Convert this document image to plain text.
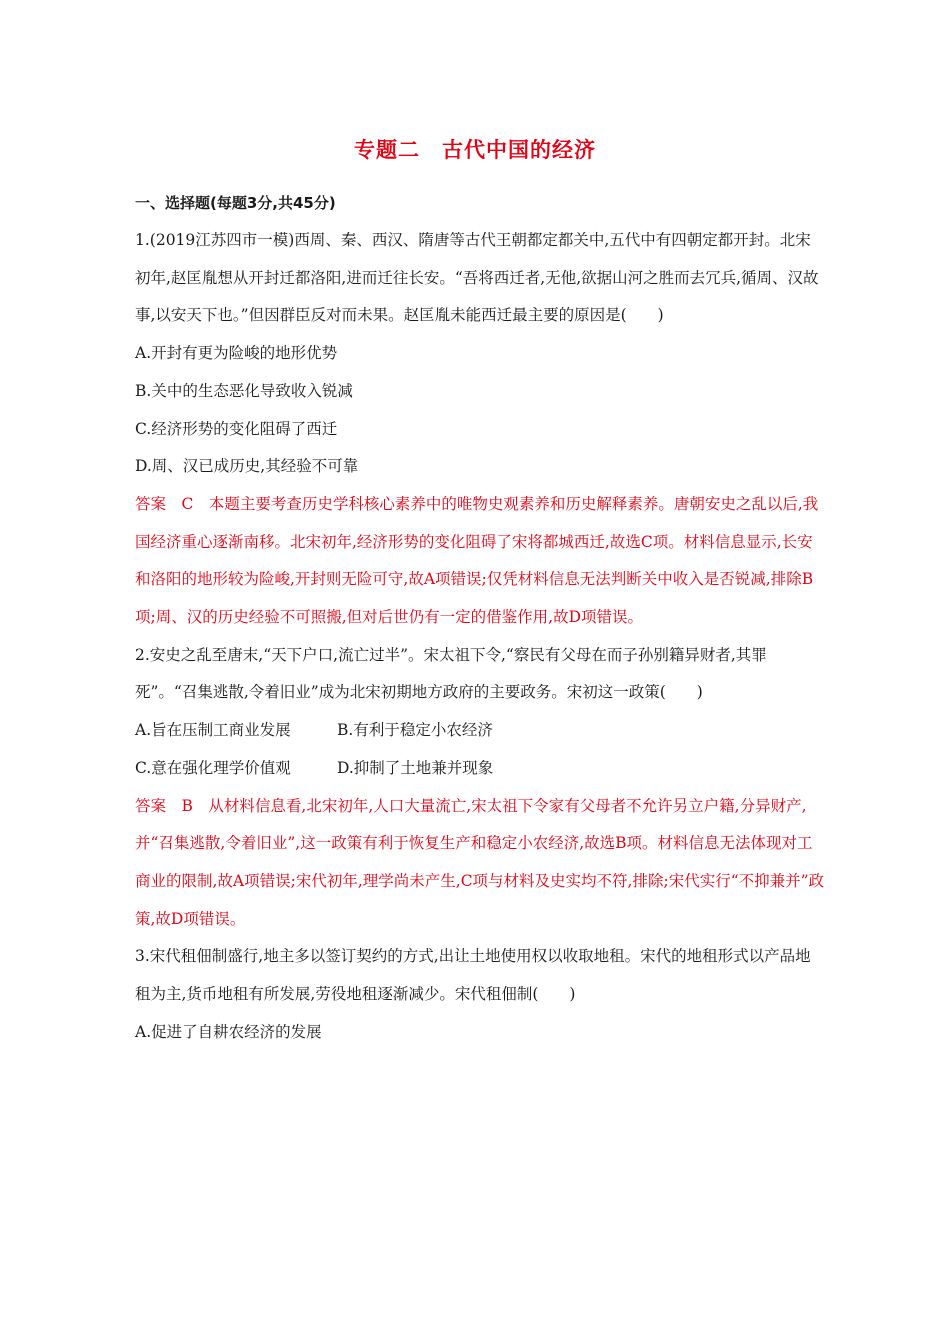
专题二　古代中国的经济
一、选择题(每题3分,共45分)

1.(2019江苏四市一模)西周、秦、西汉、隋唐等古代王朝都定都关中,五代中有四朝定都开封。北宋初年,赵匡胤想从开封迁都洛阳,进而迁往长安。“吾将西迁者,无他,欲据山河之胜而去冗兵,循周、汉故事,以安天下也。”但因群臣反对而未果。赵匡胤未能西迁最主要的原因是(　　)

A.开封有更为险峻的地形优势

B.关中的生态恶化导致收入锐减

C.经济形势的变化阻碍了西迁

D.周、汉已成历史,其经验不可靠

答案　C　本题主要考查历史学科核心素养中的唯物史观素养和历史解释素养。唐朝安史之乱以后,我国经济重心逐渐南移。北宋初年,经济形势的变化阻碍了宋将都城西迁,故选C项。材料信息显示,长安和洛阳的地形较为险峻,开封则无险可守,故A项错误;仅凭材料信息无法判断关中收入是否锐减,排除B项;周、汉的历史经验不可照搬,但对后世仍有一定的借鉴作用,故D项错误。

2.安史之乱至唐末,“天下户口,流亡过半”。宋太祖下令,“察民有父母在而子孙别籍异财者,其罪死”。“召集逃散,令着旧业”成为北宋初期地方政府的主要政务。宋初这一政策(　　)

A.旨在压制工商业发展	B.有利于稳定小农经济
C.意在强化理学价值观	D.抑制了土地兼并现象

答案　B　从材料信息看,北宋初年,人口大量流亡,宋太祖下令家有父母者不允许另立户籍,分异财产,并“召集逃散,令着旧业”,这一政策有利于恢复生产和稳定小农经济,故选B项。材料信息无法体现对工商业的限制,故A项错误;宋代初年,理学尚未产生,C项与材料及史实均不符,排除;宋代实行“不抑兼并”政策,故D项错误。

3.宋代租佃制盛行,地主多以签订契约的方式,出让土地使用权以收取地租。宋代的地租形式以产品地租为主,货币地租有所发展,劳役地租逐渐减少。宋代租佃制(　　)

A.促进了自耕农经济的发展
